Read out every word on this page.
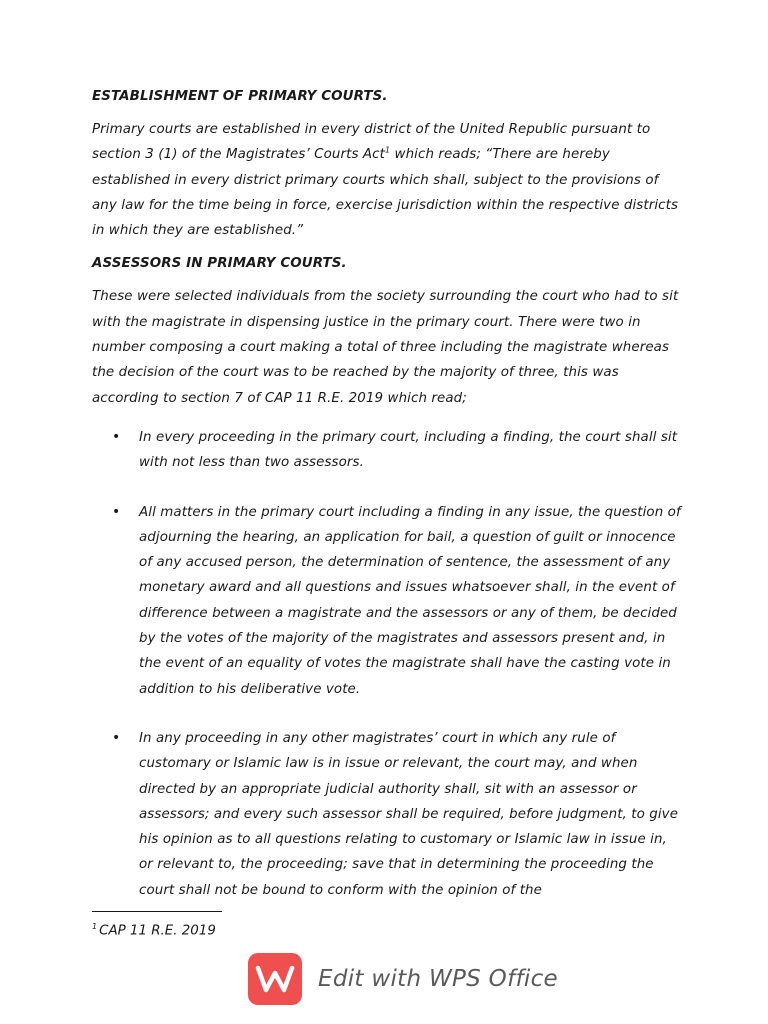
ESTABLISHMENT OF PRIMARY COURTS.

Primary courts are established in every district of the United Republic pursuant to section 3 (1) of the Magistrates’ Courts Act$^1$ which reads; “There are hereby established in every district primary courts which shall, subject to the provisions of any law for the time being in force, exercise jurisdiction within the respective districts in which they are established.”

ASSESSORS IN PRIMARY COURTS.

These were selected individuals from the society surrounding the court who had to sit with the magistrate in dispensing justice in the primary court. There were two in number composing a court making a total of three including the magistrate whereas the decision of the court was to be reached by the majority of three, this was according to section 7 of CAP 11 R.E. 2019 which read;

• In every proceeding in the primary court, including a finding, the court shall sit with not less than two assessors.
• All matters in the primary court including a finding in any issue, the question of adjourning the hearing, an application for bail, a question of guilt or innocence of any accused person, the determination of sentence, the assessment of any monetary award and all questions and issues whatsoever shall, in the event of difference between a magistrate and the assessors or any of them, be decided by the votes of the majority of the magistrates and assessors present and, in the event of an equality of votes the magistrate shall have the casting vote in addition to his deliberative vote.
• In any proceeding in any other magistrates’ court in which any rule of customary or Islamic law is in issue or relevant, the court may, and when directed by an appropriate judicial authority shall, sit with an assessor or assessors; and every such assessor shall be required, before judgment, to give his opinion as to all questions relating to customary or Islamic law in issue in, or relevant to, the proceeding; save that in determining the proceeding the court shall not be bound to conform with the opinion of the
$^1$ CAP 11 R.E. 2019
Edit with WPS Office
